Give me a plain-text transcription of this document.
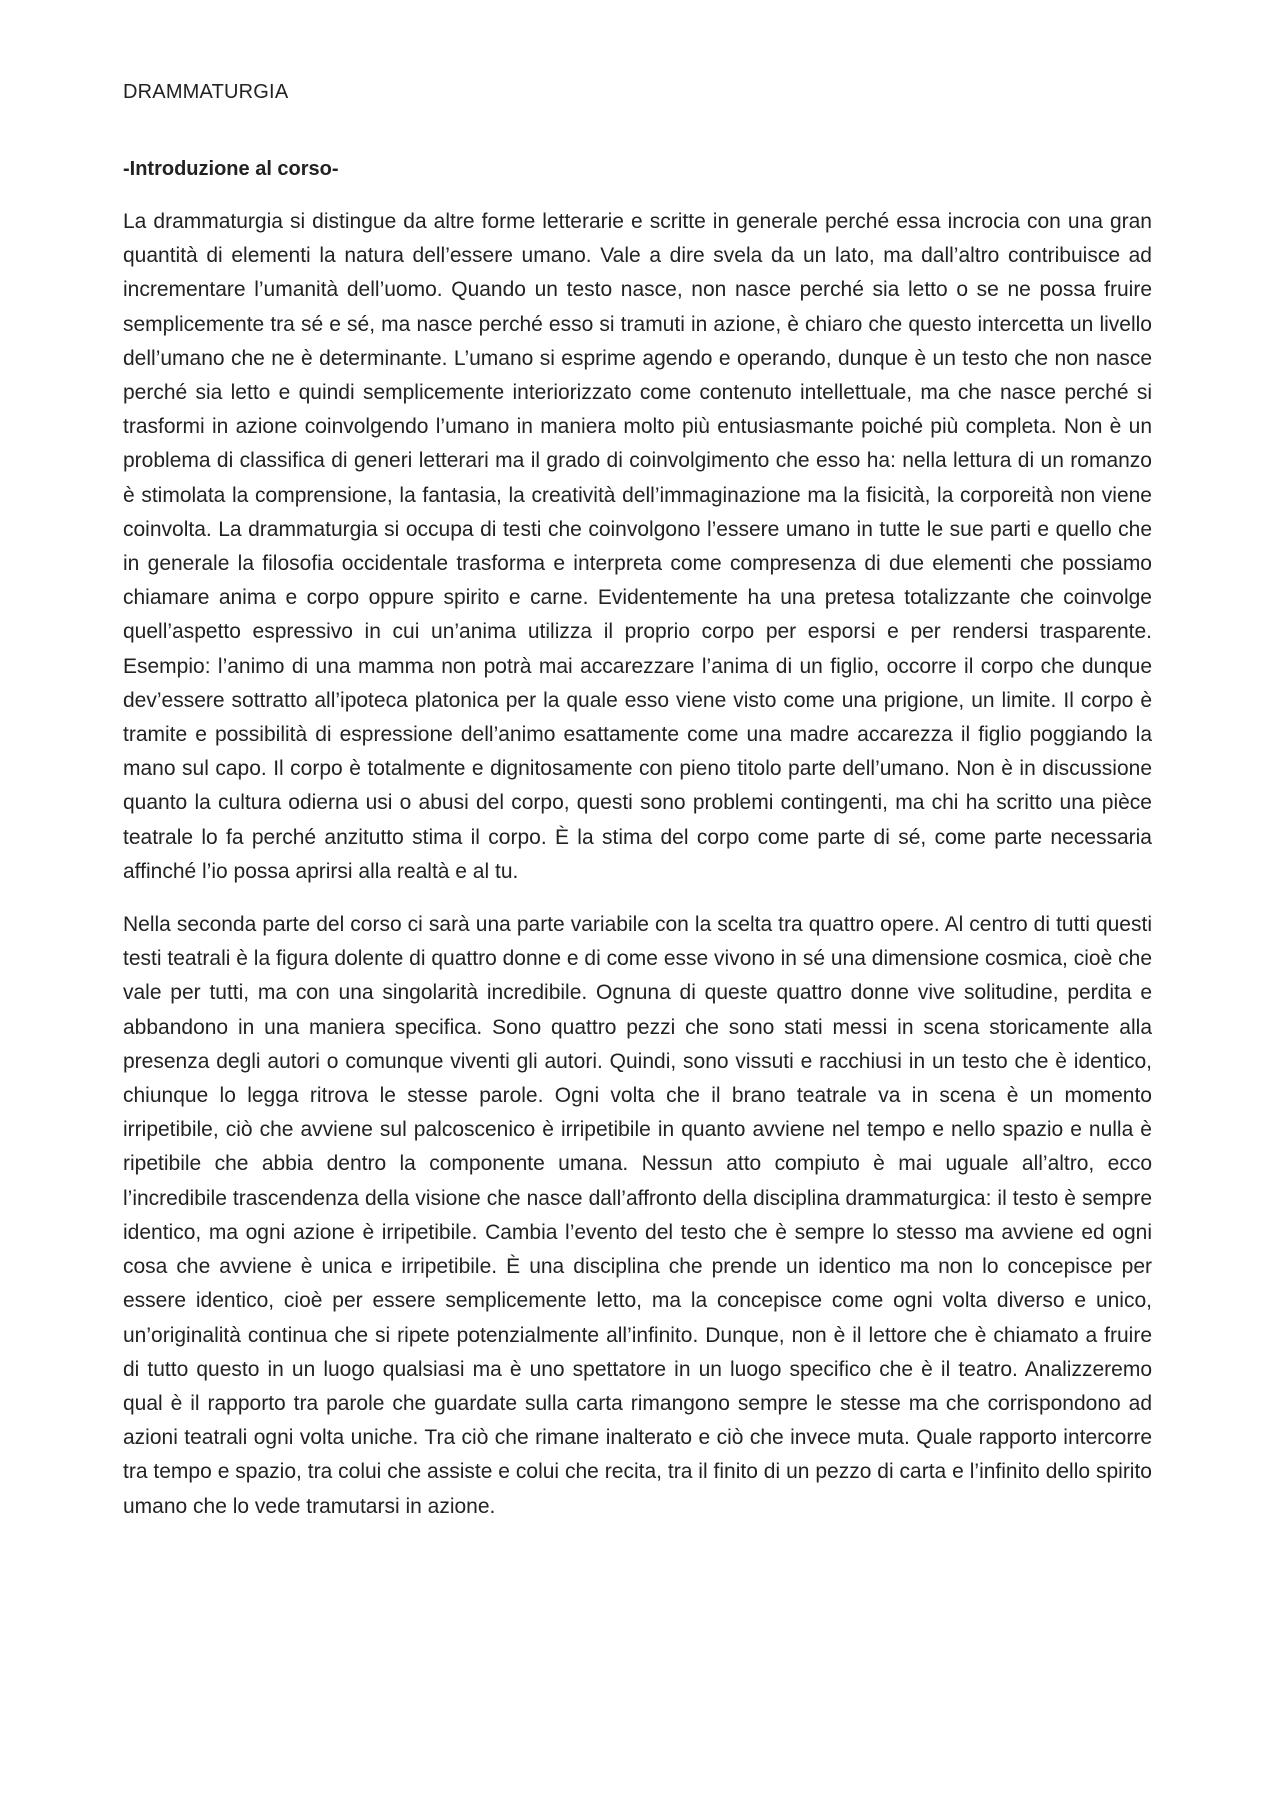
DRAMMATURGIA
-Introduzione al corso-

La drammaturgia si distingue da altre forme letterarie e scritte in generale perché essa incrocia con una gran quantità di elementi la natura dell’essere umano. Vale a dire svela da un lato, ma dall’altro contribuisce ad incrementare l’umanità dell’uomo. Quando un testo nasce, non nasce perché sia letto o se ne possa fruire semplicemente tra sé e sé, ma nasce perché esso si tramuti in azione, è chiaro che questo intercetta un livello dell’umano che ne è determinante. L’umano si esprime agendo e operando, dunque è un testo che non nasce perché sia letto e quindi semplicemente interiorizzato come contenuto intellettuale, ma che nasce perché si trasformi in azione coinvolgendo l’umano in maniera molto più entusiasmante poiché più completa. Non è un problema di classifica di generi letterari ma il grado di coinvolgimento che esso ha: nella lettura di un romanzo è stimolata la comprensione, la fantasia, la creatività dell’immaginazione ma la fisicità, la corporeità non viene coinvolta. La drammaturgia si occupa di testi che coinvolgono l’essere umano in tutte le sue parti e quello che in generale la filosofia occidentale trasforma e interpreta come compresenza di due elementi che possiamo chiamare anima e corpo oppure spirito e carne. Evidentemente ha una pretesa totalizzante che coinvolge quell’aspetto espressivo in cui un’anima utilizza il proprio corpo per esporsi e per rendersi trasparente. Esempio: l’animo di una mamma non potrà mai accarezzare l’anima di un figlio, occorre il corpo che dunque dev’essere sottratto all’ipoteca platonica per la quale esso viene visto come una prigione, un limite. Il corpo è tramite e possibilità di espressione dell’animo esattamente come una madre accarezza il figlio poggiando la mano sul capo. Il corpo è totalmente e dignitosamente con pieno titolo parte dell’umano. Non è in discussione quanto la cultura odierna usi o abusi del corpo, questi sono problemi contingenti, ma chi ha scritto una pièce teatrale lo fa perché anzitutto stima il corpo. È la stima del corpo come parte di sé, come parte necessaria affinché l’io possa aprirsi alla realtà e al tu.

Nella seconda parte del corso ci sarà una parte variabile con la scelta tra quattro opere. Al centro di tutti questi testi teatrali è la figura dolente di quattro donne e di come esse vivono in sé una dimensione cosmica, cioè che vale per tutti, ma con una singolarità incredibile. Ognuna di queste quattro donne vive solitudine, perdita e abbandono in una maniera specifica. Sono quattro pezzi che sono stati messi in scena storicamente alla presenza degli autori o comunque viventi gli autori. Quindi, sono vissuti e racchiusi in un testo che è identico, chiunque lo legga ritrova le stesse parole. Ogni volta che il brano teatrale va in scena è un momento irripetibile, ciò che avviene sul palcoscenico è irripetibile in quanto avviene nel tempo e nello spazio e nulla è ripetibile che abbia dentro la componente umana. Nessun atto compiuto è mai uguale all’altro, ecco l’incredibile trascendenza della visione che nasce dall’affronto della disciplina drammaturgica: il testo è sempre identico, ma ogni azione è irripetibile. Cambia l’evento del testo che è sempre lo stesso ma avviene ed ogni cosa che avviene è unica e irripetibile. È una disciplina che prende un identico ma non lo concepisce per essere identico, cioè per essere semplicemente letto, ma la concepisce come ogni volta diverso e unico, un’originalità continua che si ripete potenzialmente all’infinito. Dunque, non è il lettore che è chiamato a fruire di tutto questo in un luogo qualsiasi ma è uno spettatore in un luogo specifico che è il teatro. Analizzeremo qual è il rapporto tra parole che guardate sulla carta rimangono sempre le stesse ma che corrispondono ad azioni teatrali ogni volta uniche. Tra ciò che rimane inalterato e ciò che invece muta. Quale rapporto intercorre tra tempo e spazio, tra colui che assiste e colui che recita, tra il finito di un pezzo di carta e l’infinito dello spirito umano che lo vede tramutarsi in azione.
